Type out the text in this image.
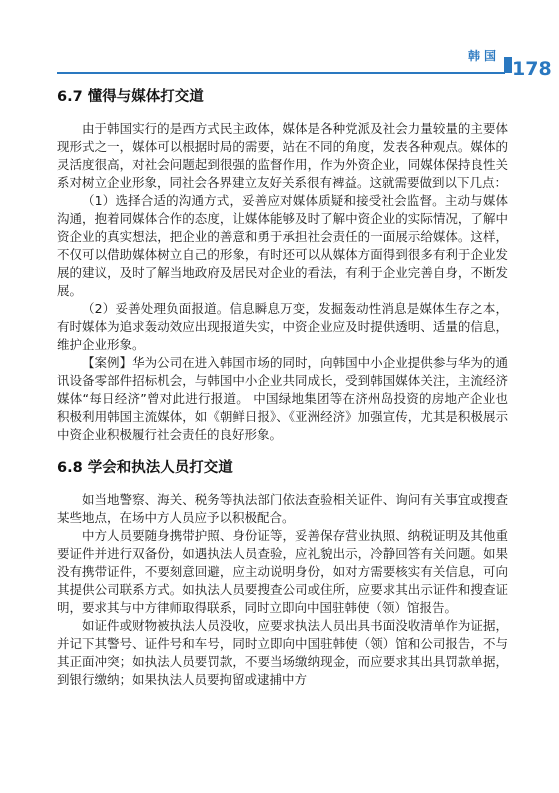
韩国
178
6.7 懂得与媒体打交道

由于韩国实行的是西方式民主政体，媒体是各种党派及社会力量较量的主要体现形式之一，媒体可以根据时局的需要，站在不同的角度，发表各种观点。媒体的灵活度很高，对社会问题起到很强的监督作用，作为外资企业，同媒体保持良性关系对树立企业形象，同社会各界建立友好关系很有裨益。这就需要做到以下几点：

（1）选择合适的沟通方式，妥善应对媒体质疑和接受社会监督。主动与媒体沟通，抱着同媒体合作的态度，让媒体能够及时了解中资企业的实际情况，了解中资企业的真实想法，把企业的善意和勇于承担社会责任的一面展示给媒体。这样，不仅可以借助媒体树立自己的形象，有时还可以从媒体方面得到很多有利于企业发展的建议，及时了解当地政府及居民对企业的看法，有利于企业完善自身，不断发展。

（2）妥善处理负面报道。信息瞬息万变，发掘轰动性消息是媒体生存之本，有时媒体为追求轰动效应出现报道失实，中资企业应及时提供透明、适量的信息，维护企业形象。

【案例】华为公司在进入韩国市场的同时，向韩国中小企业提供参与华为的通讯设备零部件招标机会，与韩国中小企业共同成长，受到韩国媒体关注，主流经济媒体“每日经济”曾对此进行报道。 中国绿地集团等在济州岛投资的房地产企业也积极利用韩国主流媒体，如《朝鲜日报》、《亚洲经济》加强宣传，尤其是积极展示中资企业积极履行社会责任的良好形象。

6.8 学会和执法人员打交道

如当地警察、海关、税务等执法部门依法查验相关证件、询问有关事宜或搜查某些地点，在场中方人员应予以积极配合。

中方人员要随身携带护照、身份证等，妥善保存营业执照、纳税证明及其他重要证件并进行双备份，如遇执法人员查验，应礼貌出示，冷静回答有关问题。如果没有携带证件，不要刻意回避，应主动说明身份，如对方需要核实有关信息，可向其提供公司联系方式。如执法人员要搜查公司或住所，应要求其出示证件和搜查证明，要求其与中方律师取得联系，同时立即向中国驻韩使（领）馆报告。

如证件或财物被执法人员没收，应要求执法人员出具书面没收清单作为证据，并记下其警号、证件号和车号，同时立即向中国驻韩使（领）馆和公司报告，不与其正面冲突；如执法人员要罚款，不要当场缴纳现金，而应要求其出具罚款单据，到银行缴纳；如果执法人员要拘留或逮捕中方
